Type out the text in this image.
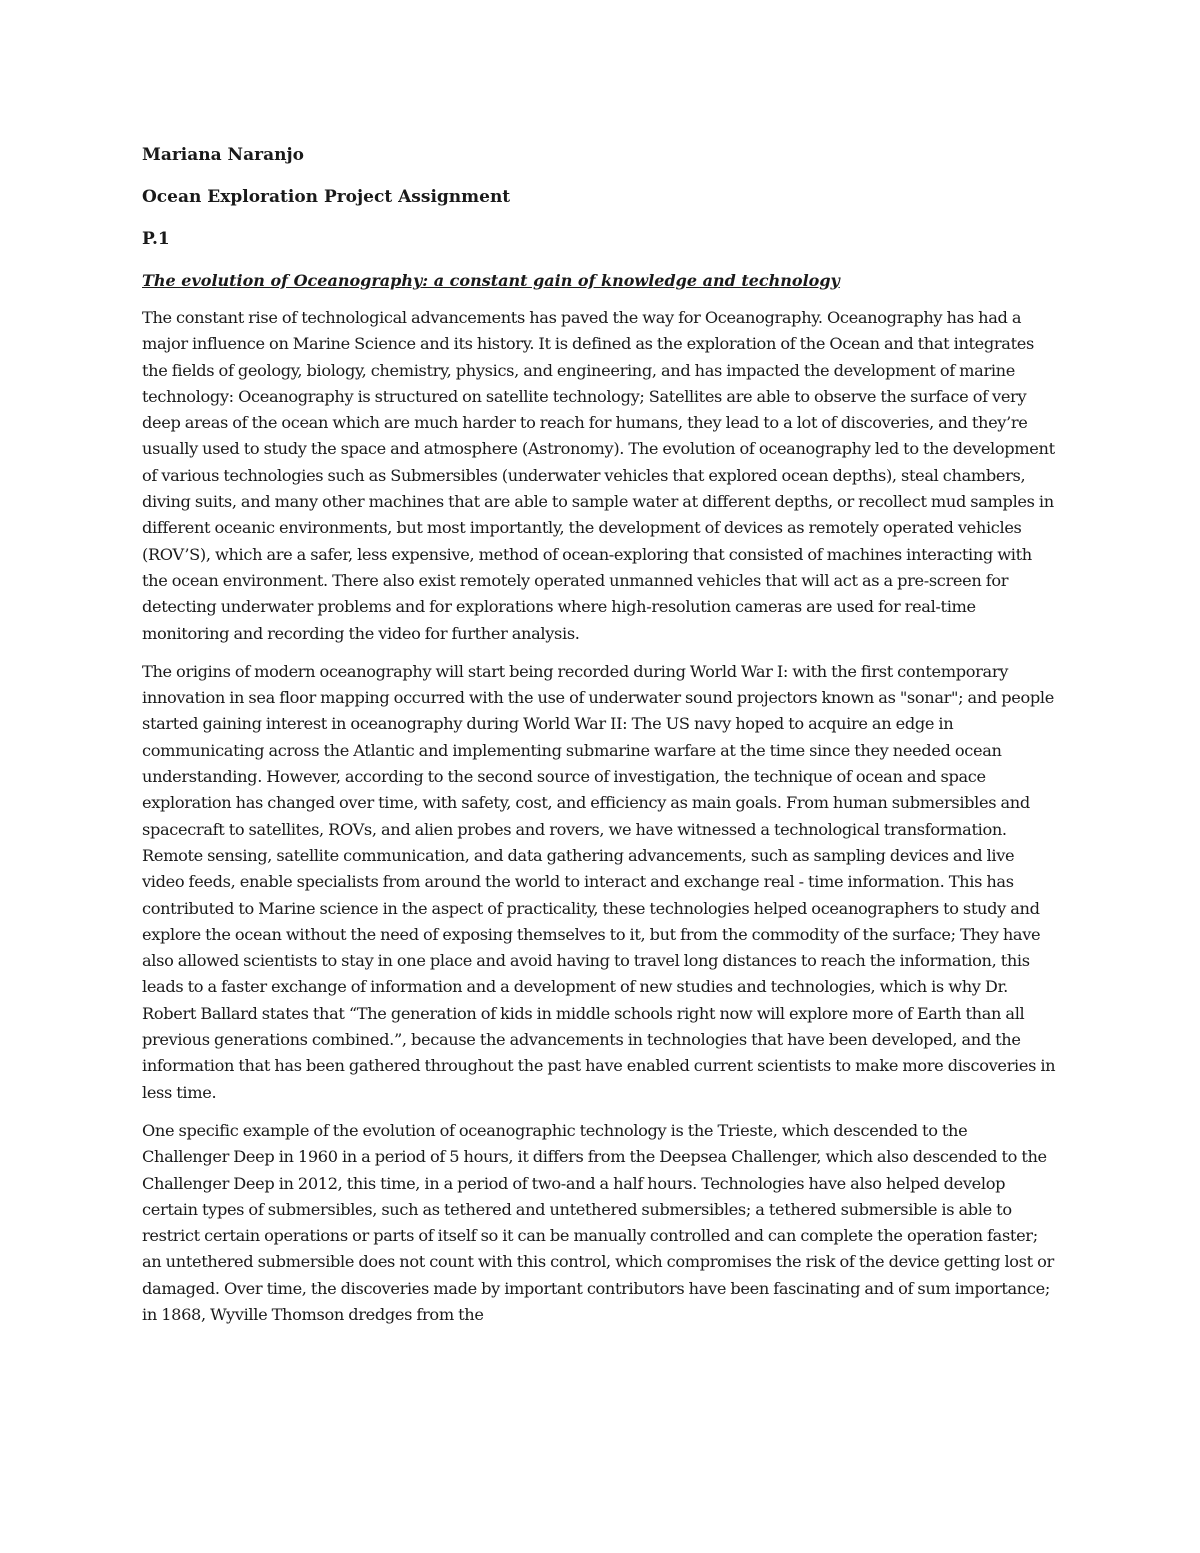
Mariana Naranjo

Ocean Exploration Project Assignment

P.1

The evolution of Oceanography: a constant gain of knowledge and technology

The constant rise of technological advancements has paved the way for Oceanography. Oceanography has had a major influence on Marine Science and its history. It is defined as the exploration of the Ocean and that integrates the fields of geology, biology, chemistry, physics, and engineering, and has impacted the development of marine technology: Oceanography is structured on satellite technology; Satellites are able to observe the surface of very deep areas of the ocean which are much harder to reach for humans, they lead to a lot of discoveries, and they’re usually used to study the space and atmosphere (Astronomy). The evolution of oceanography led to the development of various technologies such as Submersibles (underwater vehicles that explored ocean depths), steal chambers, diving suits, and many other machines that are able to sample water at different depths, or recollect mud samples in different oceanic environments, but most importantly, the development of devices as remotely operated vehicles (ROV’S), which are a safer, less expensive, method of ocean-exploring that consisted of machines interacting with the ocean environment. There also exist remotely operated unmanned vehicles that will act as a pre-screen for detecting underwater problems and for explorations where high-resolution cameras are used for real-time monitoring and recording the video for further analysis.

The origins of modern oceanography will start being recorded during World War I: with the first contemporary innovation in sea floor mapping occurred with the use of underwater sound projectors known as "sonar"; and people started gaining interest in oceanography during World War II: The US navy hoped to acquire an edge in communicating across the Atlantic and implementing submarine warfare at the time since they needed ocean understanding. However, according to the second source of investigation, the technique of ocean and space exploration has changed over time, with safety, cost, and efficiency as main goals. From human submersibles and spacecraft to satellites, ROVs, and alien probes and rovers, we have witnessed a technological transformation. Remote sensing, satellite communication, and data gathering advancements, such as sampling devices and live video feeds, enable specialists from around the world to interact and exchange real - time information. This has contributed to Marine science in the aspect of practicality, these technologies helped oceanographers to study and explore the ocean without the need of exposing themselves to it, but from the commodity of the surface; They have also allowed scientists to stay in one place and avoid having to travel long distances to reach the information, this leads to a faster exchange of information and a development of new studies and technologies, which is why Dr. Robert Ballard states that “The generation of kids in middle schools right now will explore more of Earth than all previous generations combined.”, because the advancements in technologies that have been developed, and the information that has been gathered throughout the past have enabled current scientists to make more discoveries in less time.

One specific example of the evolution of oceanographic technology is the Trieste, which descended to the Challenger Deep in 1960 in a period of 5 hours, it differs from the Deepsea Challenger, which also descended to the Challenger Deep in 2012, this time, in a period of two-and a half hours. Technologies have also helped develop certain types of submersibles, such as tethered and untethered submersibles; a tethered submersible is able to restrict certain operations or parts of itself so it can be manually controlled and can complete the operation faster; an untethered submersible does not count with this control, which compromises the risk of the device getting lost or damaged. Over time, the discoveries made by important contributors have been fascinating and of sum importance; in 1868, Wyville Thomson dredges from the
